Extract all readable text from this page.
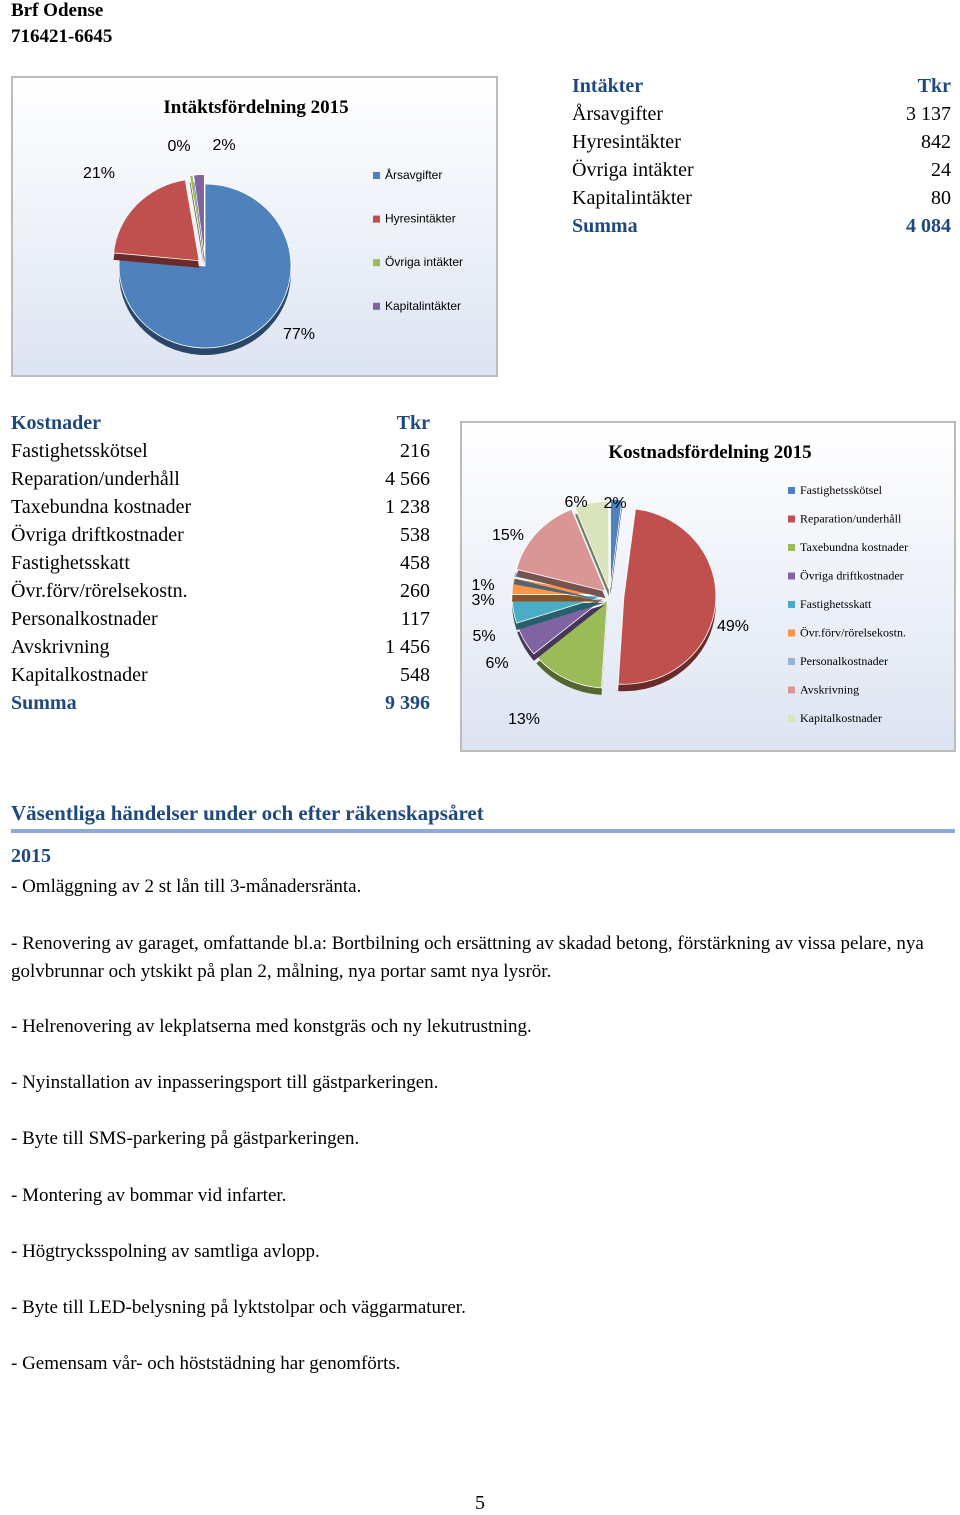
Brf Odense
716421-6645
Intäktsfördelning 2015
77%
21%
0% 2%
Årsavgifter
Hyresintäkter
Övriga intäkter
Kapitalintäkter
Intäkter	Tkr
Årsavgifter	3 137
Hyresintäkter	842
Övriga intäkter	24
Kapitalintäkter	80
Summa	4 084
Kostnader	Tkr
Fastighetsskötsel	216
Reparation/underhåll	4 566
Taxebundna kostnader	1 238
Övriga driftkostnader	538
Fastighetsskatt	458
Övr.förv/rörelsekostn.	260
Personalkostnader	117
Avskrivning	1 456
Kapitalkostnader	548
Summa	9 396
Kostnadsfördelning 2015
2%
49%
13%
6%
5%
3%
1%
15%
6%
Fastighetsskötsel
Reparation/underhåll
Taxebundna kostnader
Övriga driftkostnader
Fastighetsskatt
Övr.förv/rörelsekostn.
Personalkostnader
Avskrivning
Kapitalkostnader
Väsentliga händelser under och efter räkenskapsåret
2015
- Omläggning av 2 st lån till 3-månadersränta.
- Renovering av garaget, omfattande bl.a: Bortbilning och ersättning av skadad betong, förstärkning av vissa pelare, nya golvbrunnar och ytskikt på plan 2, målning, nya portar samt nya lysrör.
- Helrenovering av lekplatserna med konstgräs och ny lekutrustning.
- Nyinstallation av inpasseringsport till gästparkeringen.
- Byte till SMS-parkering på gästparkeringen.
- Montering av bommar vid infarter.
- Högtrycksspolning av samtliga avlopp.
- Byte till LED-belysning på lyktstolpar och väggarmaturer.
- Gemensam vår- och höststädning har genomförts.
5
